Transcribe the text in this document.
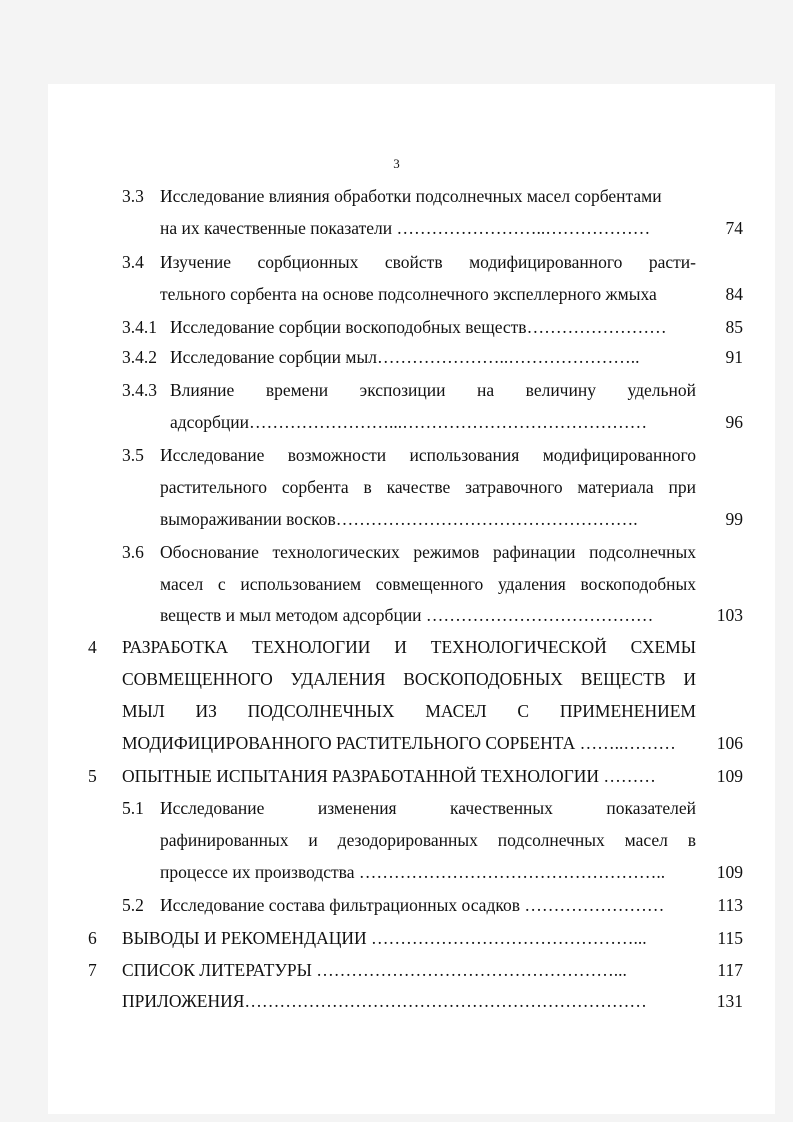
3
3.3 Исследование влияния обработки подсолнечных масел сорбентами
на их качественные показатели ……………………..………………	74
3.4 Изучение сорбционных свойств модифицированного расти-
тельного сорбента на основе подсолнечного экспеллерного жмыха	84
3.4.1 Исследование сорбции воскоподобных веществ……………………	85
3.4.2 Исследование сорбции мыл…………………..…………………..	91
3.4.3 Влияние времени экспозиции на величину удельной
адсорбции……………………...……………………………………	96
3.5 Исследование возможности использования модифицированного
растительного сорбента в качестве затравочного материала при
вымораживании восков…………………………………………….	99
3.6 Обоснование технологических режимов рафинации подсолнечных
масел с использованием совмещенного удаления воскоподобных
веществ и мыл методом адсорбции …………………………………	103
4 РАЗРАБОТКА ТЕХНОЛОГИИ И ТЕХНОЛОГИЧЕСКОЙ СХЕМЫ
СОВМЕЩЕННОГО УДАЛЕНИЯ ВОСКОПОДОБНЫХ ВЕЩЕСТВ И
МЫЛ ИЗ ПОДСОЛНЕЧНЫХ МАСЕЛ С ПРИМЕНЕНИЕМ
МОДИФИЦИРОВАННОГО РАСТИТЕЛЬНОГО СОРБЕНТА ……..………	106
5 ОПЫТНЫЕ ИСПЫТАНИЯ РАЗРАБОТАННОЙ ТЕХНОЛОГИИ ………	109
5.1 Исследование изменения качественных показателей
рафинированных и дезодорированных подсолнечных масел в
процессе их производства ……………………………………………..	109
5.2 Исследование состава фильтрационных осадков ……………………	113
6 ВЫВОДЫ И РЕКОМЕНДАЦИИ ………………………………………...	115
7 СПИСОК ЛИТЕРАТУРЫ ……………………………………………...	117
ПРИЛОЖЕНИЯ……………………………………………………………	131
